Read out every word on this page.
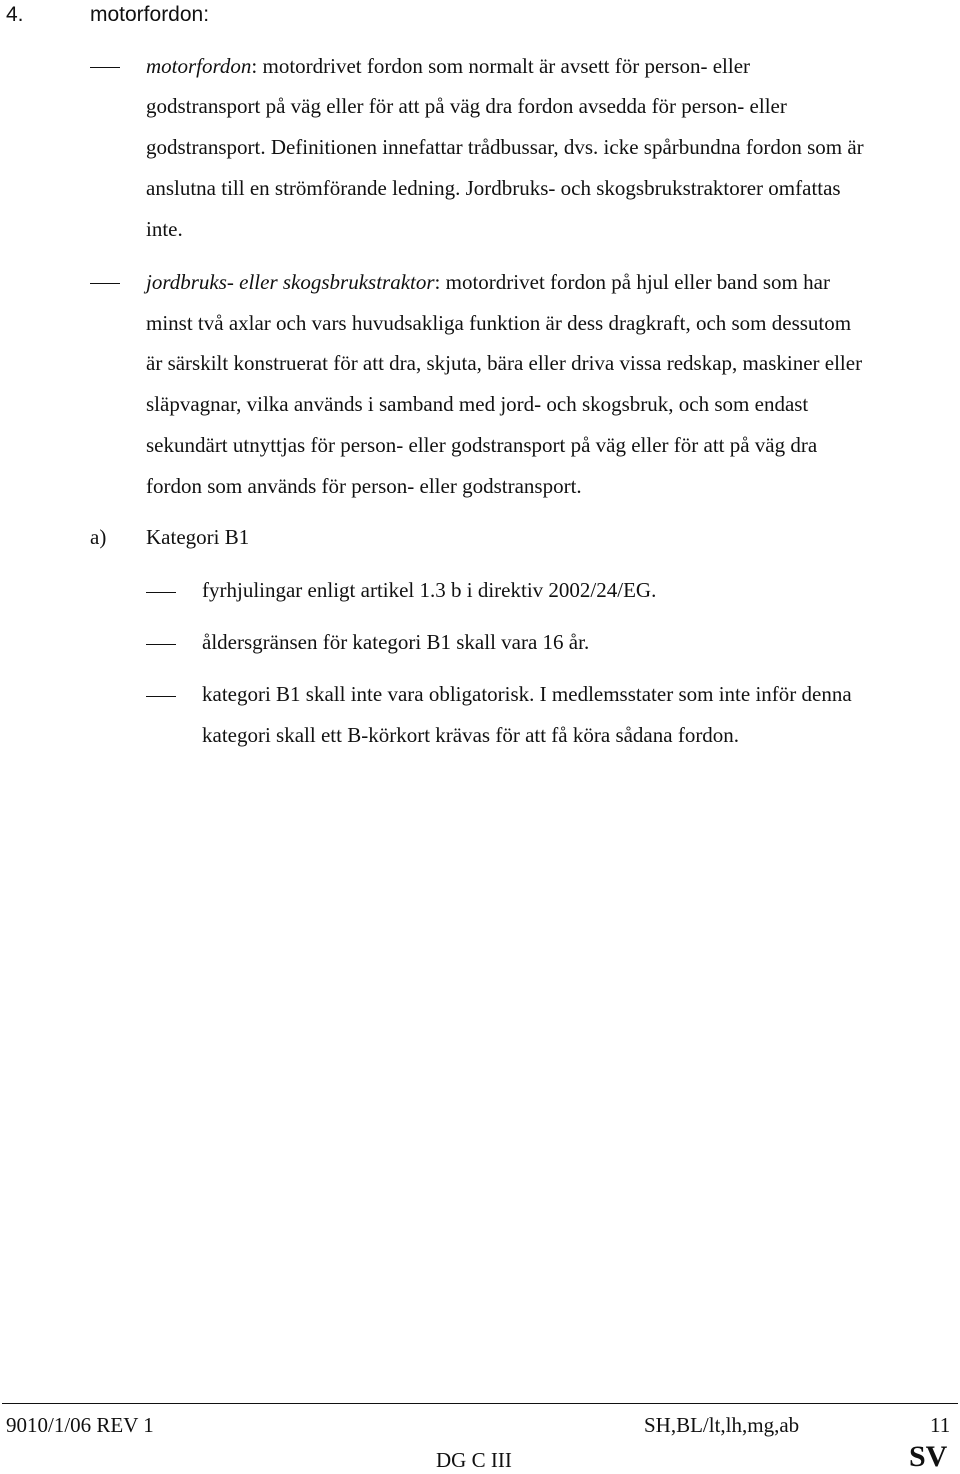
4.	motorfordon:
motorfordon: motordrivet fordon som normalt är avsett för person- eller
godstransport på väg eller för att på väg dra fordon avsedda för person- eller
godstransport. Definitionen innefattar trådbussar, dvs. icke spårbundna fordon som är
anslutna till en strömförande ledning. Jordbruks- och skogsbrukstraktorer omfattas
inte.
jordbruks- eller skogsbrukstraktor: motordrivet fordon på hjul eller band som har
minst två axlar och vars huvudsakliga funktion är dess dragkraft, och som dessutom
är särskilt konstruerat för att dra, skjuta, bära eller driva vissa redskap, maskiner eller
släpvagnar, vilka används i samband med jord- och skogsbruk, och som endast
sekundärt utnyttjas för person- eller godstransport på väg eller för att på väg dra
fordon som används för person- eller godstransport.
a) Kategori B1
fyrhjulingar enligt artikel 1.3 b i direktiv 2002/24/EG.
åldersgränsen för kategori B1 skall vara 16 år.
kategori B1 skall inte vara obligatorisk. I medlemsstater som inte inför denna
kategori skall ett B-körkort krävas för att få köra sådana fordon.
9010/1/06 REV 1	SH,BL/lt,lh,mg,ab	11
DG C III	SV
